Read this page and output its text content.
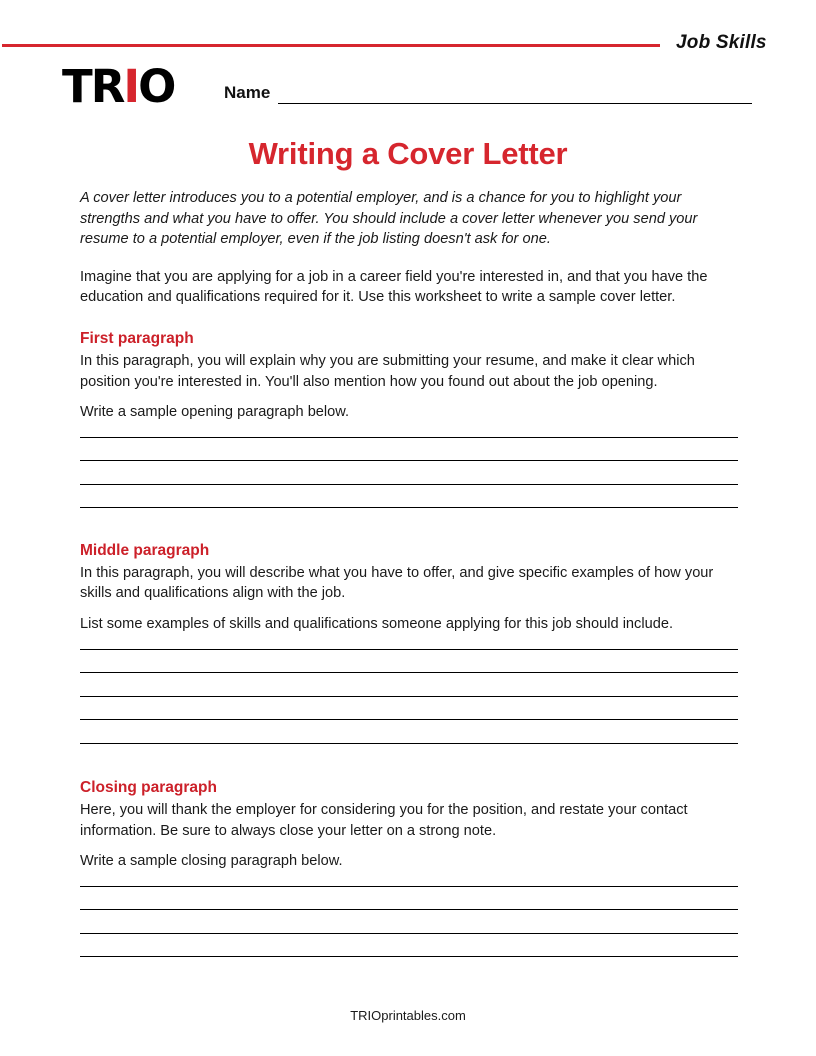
Job Skills
TRIO	Name
Writing a Cover Letter

A cover letter introduces you to a potential employer, and is a chance for you to highlight your strengths and what you have to offer. You should include a cover letter whenever you send your resume to a potential employer, even if the job listing doesn't ask for one.

Imagine that you are applying for a job in a career field you're interested in, and that you have the education and qualifications required for it. Use this worksheet to write a sample cover letter.

First paragraph

In this paragraph, you will explain why you are submitting your resume, and make it clear which position you're interested in. You'll also mention how you found out about the job opening.

Write a sample opening paragraph below.

Middle paragraph

In this paragraph, you will describe what you have to offer, and give specific examples of how your skills and qualifications align with the job.

List some examples of skills and qualifications someone applying for this job should include.

Closing paragraph

Here, you will thank the employer for considering you for the position, and restate your contact information. Be sure to always close your letter on a strong note.

Write a sample closing paragraph below.

TRIOprintables.com
